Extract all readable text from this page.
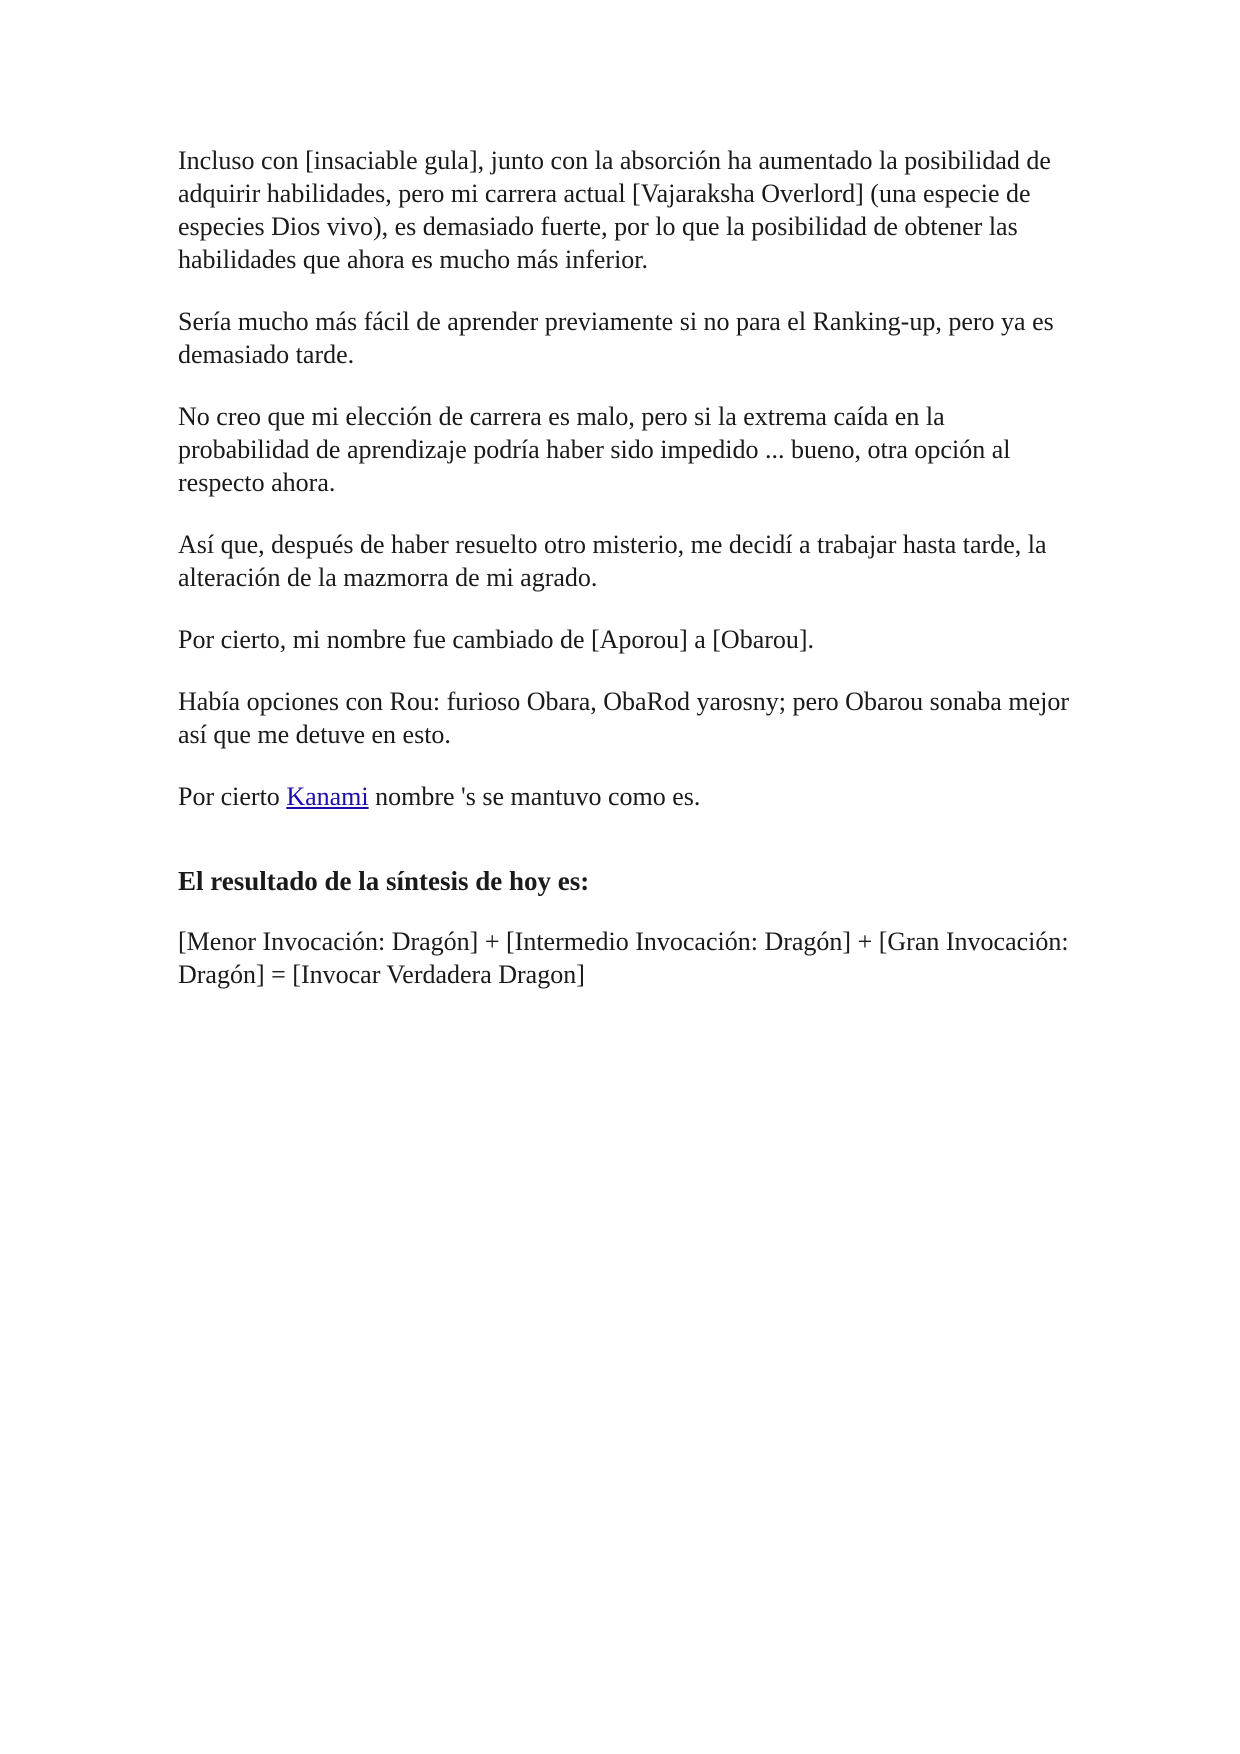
Incluso con [insaciable gula], junto con la absorción ha aumentado la posibilidad de adquirir habilidades, pero mi carrera actual [Vajaraksha Overlord] (una especie de especies Dios vivo), es demasiado fuerte, por lo que la posibilidad de obtener las habilidades que ahora es mucho más inferior.

Sería mucho más fácil de aprender previamente si no para el Ranking-up, pero ya es demasiado tarde.

No creo que mi elección de carrera es malo, pero si la extrema caída en la probabilidad de aprendizaje podría haber sido impedido ... bueno, otra opción al respecto ahora.

Así que, después de haber resuelto otro misterio, me decidí a trabajar hasta tarde, la alteración de la mazmorra de mi agrado.

Por cierto, mi nombre fue cambiado de [Aporou] a [Obarou].

Había opciones con Rou: furioso Obara, ObaRod yarosny; pero Obarou sonaba mejor así que me detuve en esto.

Por cierto Kanami nombre 's se mantuvo como es.

El resultado de la síntesis de hoy es:

[Menor Invocación: Dragón] + [Intermedio Invocación: Dragón] + [Gran Invocación: Dragón] = [Invocar Verdadera Dragon]
